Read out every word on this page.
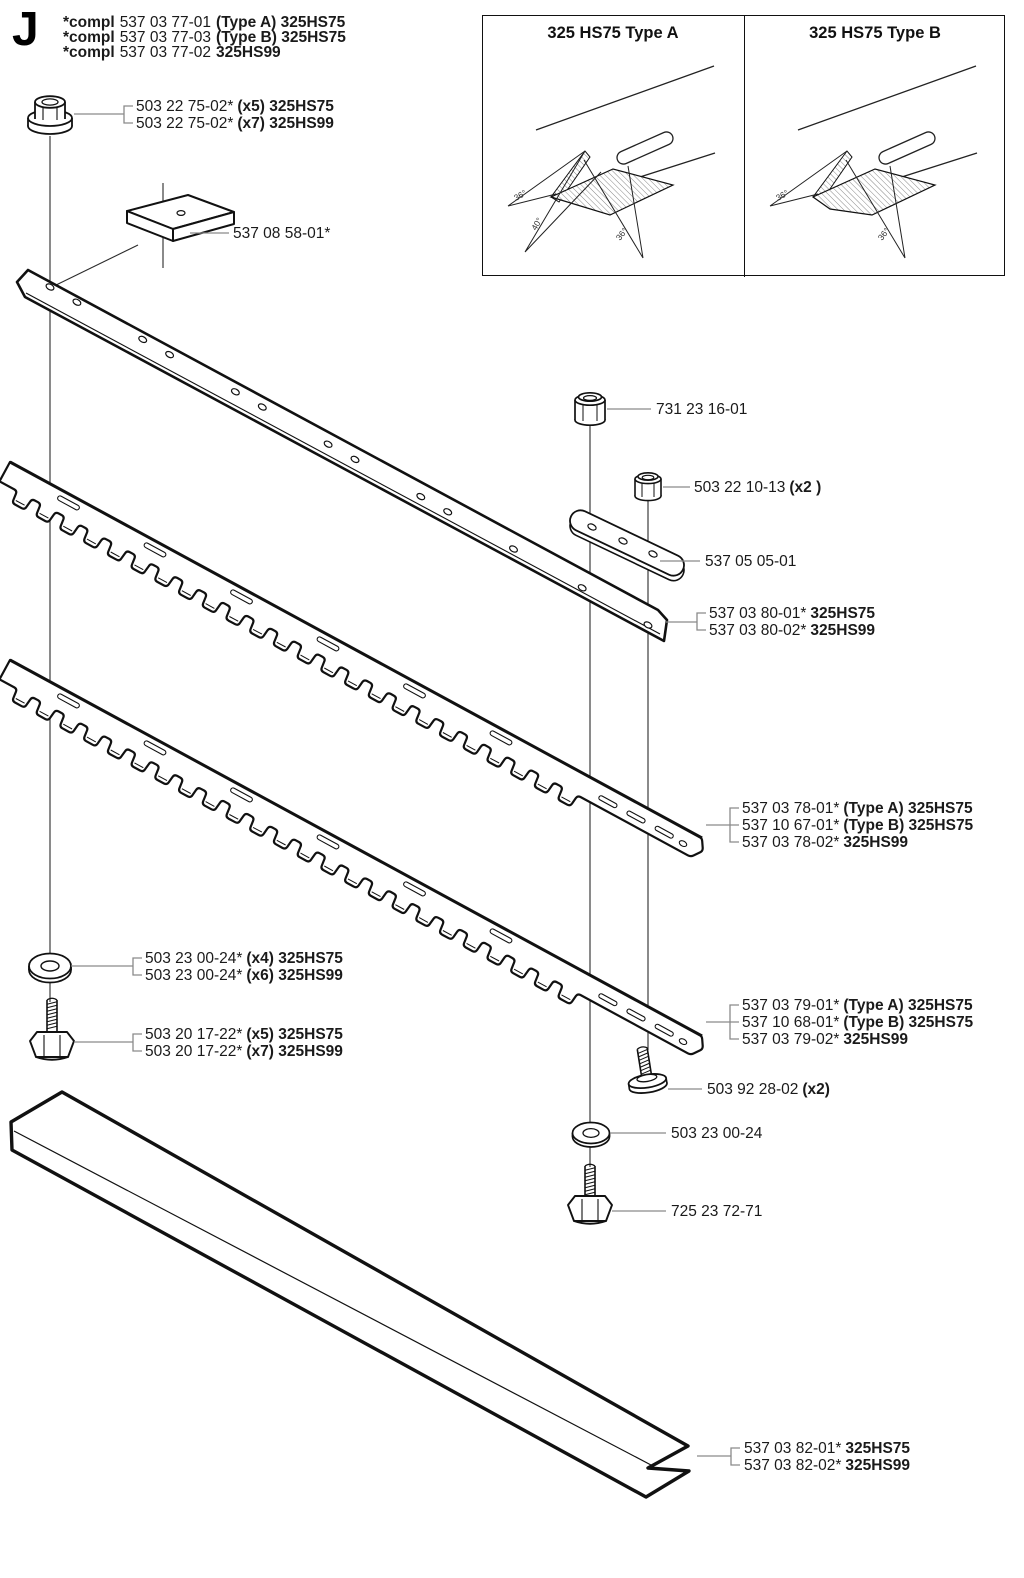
36°
40°
36°
36°
36°
J *compl 537 03 77-01 (Type A) 325HS75
*compl 537 03 77-03 (Type B) 325HS75
*compl 537 03 77-02 325HS99
325 HS75 Type A	325 HS75 Type B
503 22 75-02* (x5) 325HS75
503 22 75-02* (x7) 325HS99
537 08 58-01*
731 23 16-01
503 22 10-13 (x2 )
537 05 05-01
537 03 80-01* 325HS75
537 03 80-02* 325HS99
537 03 78-01* (Type A) 325HS75
537 10 67-01* (Type B) 325HS75
537 03 78-02* 325HS99
503 23 00-24* (x4) 325HS75
503 23 00-24* (x6) 325HS99
503 20 17-22* (x5) 325HS75
503 20 17-22* (x7) 325HS99
537 03 79-01* (Type A) 325HS75
537 10 68-01* (Type B) 325HS75
537 03 79-02* 325HS99
503 92 28-02 (x2)
503 23 00-24
725 23 72-71
537 03 82-01* 325HS75
537 03 82-02* 325HS99
